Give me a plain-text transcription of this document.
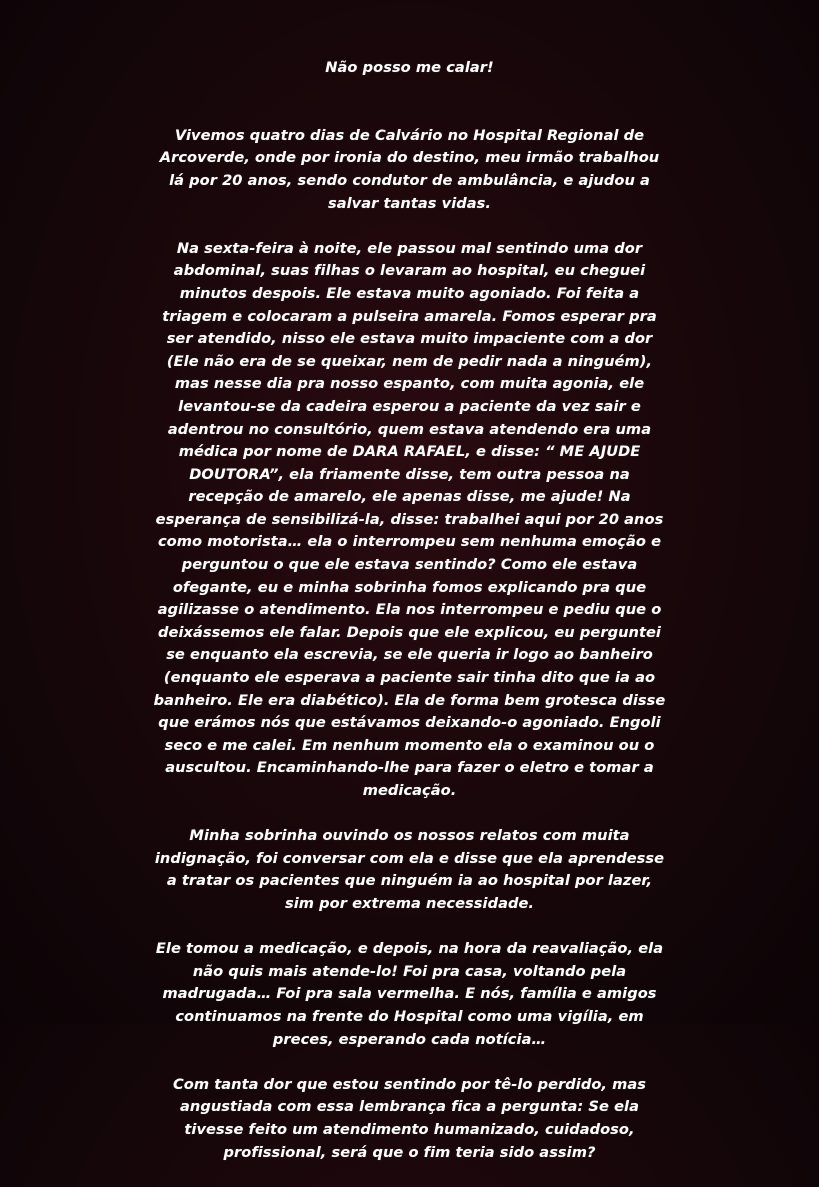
Não posso me calar!

Vivemos quatro dias de Calvário no Hospital Regional de Arcoverde, onde por ironia do destino, meu irmão trabalhou lá por 20 anos, sendo condutor de ambulância, e ajudou a salvar tantas vidas.

Na sexta-feira à noite, ele passou mal sentindo uma dor abdominal, suas filhas o levaram ao hospital, eu cheguei minutos despois. Ele estava muito agoniado. Foi feita a triagem e colocaram a pulseira amarela. Fomos esperar pra ser atendido, nisso ele estava muito impaciente com a dor (Ele não era de se queixar, nem de pedir nada a ninguém), mas nesse dia pra nosso espanto, com muita agonia, ele levantou-se da cadeira esperou a paciente da vez sair e adentrou no consultório, quem estava atendendo era uma médica por nome de DARA RAFAEL, e disse: “ ME AJUDE DOUTORA”, ela friamente disse, tem outra pessoa na recepção de amarelo, ele apenas disse, me ajude! Na esperança de sensibilizá-la, disse: trabalhei aqui por 20 anos como motorista… ela o interrompeu sem nenhuma emoção e perguntou o que ele estava sentindo? Como ele estava ofegante, eu e minha sobrinha fomos explicando pra que agilizasse o atendimento. Ela nos interrompeu e pediu que o deixássemos ele falar. Depois que ele explicou, eu perguntei se enquanto ela escrevia, se ele queria ir logo ao banheiro (enquanto ele esperava a paciente sair tinha dito que ia ao banheiro. Ele era diabético). Ela de forma bem grotesca disse que erámos nós que estávamos deixando-o agoniado. Engoli seco e me calei. Em nenhum momento ela o examinou ou o auscultou. Encaminhando-lhe para fazer o eletro e tomar a medicação.

Minha sobrinha ouvindo os nossos relatos com muita indignação, foi conversar com ela e disse que ela aprendesse a tratar os pacientes que ninguém ia ao hospital por lazer, sim por extrema necessidade.

Ele tomou a medicação, e depois, na hora da reavaliação, ela não quis mais atende-lo! Foi pra casa, voltando pela madrugada… Foi pra sala vermelha. E nós, família e amigos continuamos na frente do Hospital como uma vigília, em preces, esperando cada notícia…

Com tanta dor que estou sentindo por tê-lo perdido, mas angustiada com essa lembrança fica a pergunta: Se ela tivesse feito um atendimento humanizado, cuidadoso, profissional, será que o fim teria sido assim?
